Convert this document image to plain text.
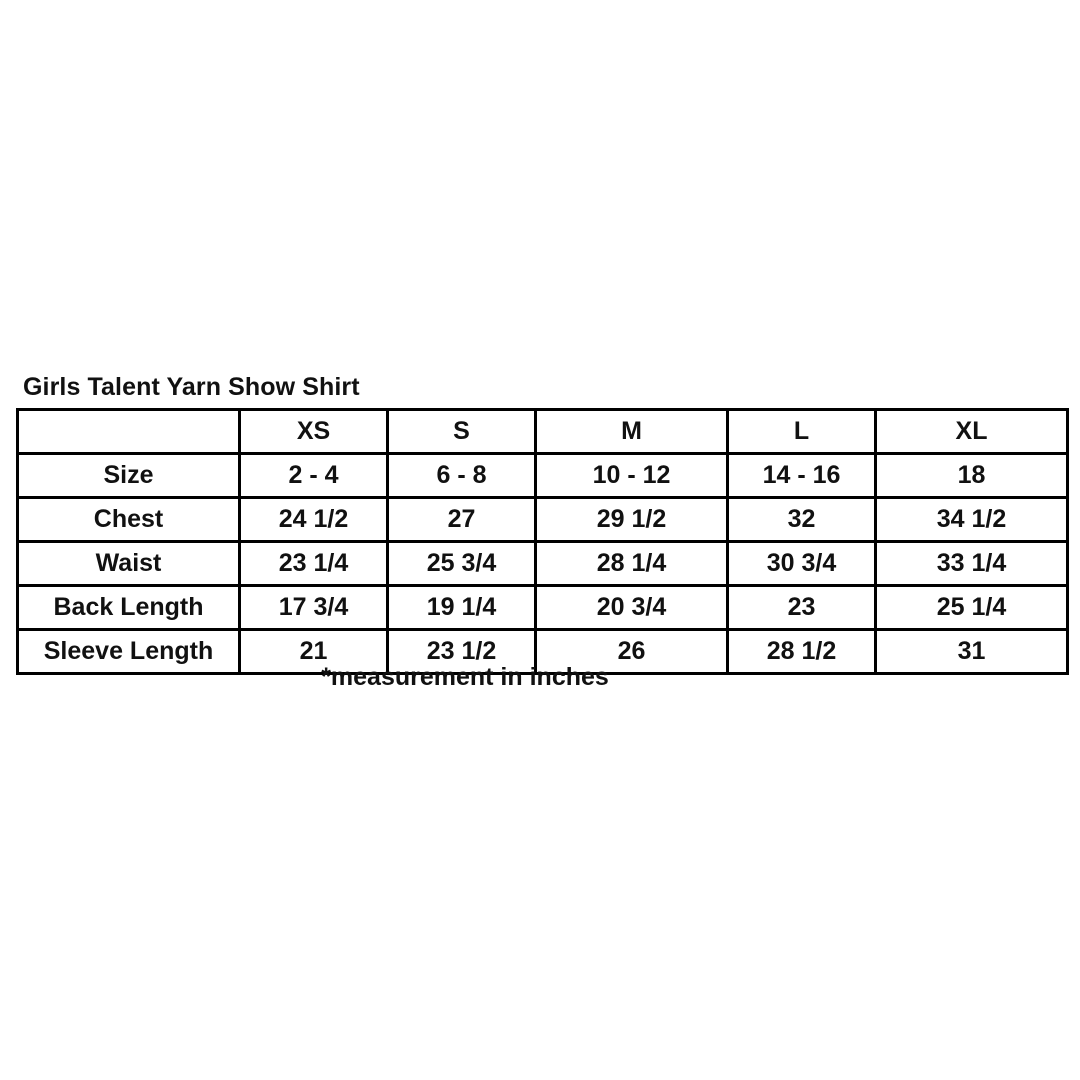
Girls Talent Yarn Show Shirt
	XS	S	M	L	XL
Size	2 - 4	6 - 8	10 - 12	14 - 16	18
Chest	24 1/2	27	29 1/2	32	34 1/2
Waist	23 1/4	25 3/4	28 1/4	30 3/4	33 1/4
Back Length	17 3/4	19 1/4	20 3/4	23	25 1/4
Sleeve Length	21	23 1/2	26	28 1/2	31
*measurement in inches
